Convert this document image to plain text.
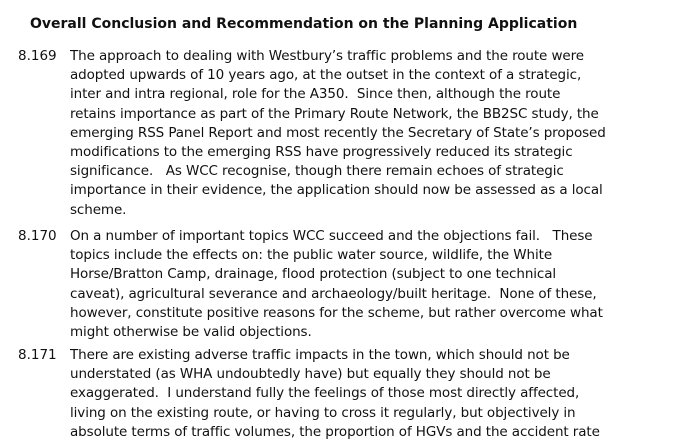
Overall Conclusion and Recommendation on the Planning Application
8.169 The approach to dealing with Westbury’s traffic problems and the route were
adopted upwards of 10 years ago, at the outset in the context of a strategic,
inter and intra regional, role for the A350.  Since then, although the route
retains importance as part of the Primary Route Network, the BB2SC study, the
emerging RSS Panel Report and most recently the Secretary of State’s proposed
modifications to the emerging RSS have progressively reduced its strategic
significance.   As WCC recognise, though there remain echoes of strategic
importance in their evidence, the application should now be assessed as a local
scheme.
8.170 On a number of important topics WCC succeed and the objections fail.   These
topics include the effects on: the public water source, wildlife, the White
Horse/Bratton Camp, drainage, flood protection (subject to one technical
caveat), agricultural severance and archaeology/built heritage.  None of these,
however, constitute positive reasons for the scheme, but rather overcome what
might otherwise be valid objections.
8.171 There are existing adverse traffic impacts in the town, which should not be
understated (as WHA undoubtedly have) but equally they should not be
exaggerated.  I understand fully the feelings of those most directly affected,
living on the existing route, or having to cross it regularly, but objectively in
absolute terms of traffic volumes, the proportion of HGVs and the accident rate
